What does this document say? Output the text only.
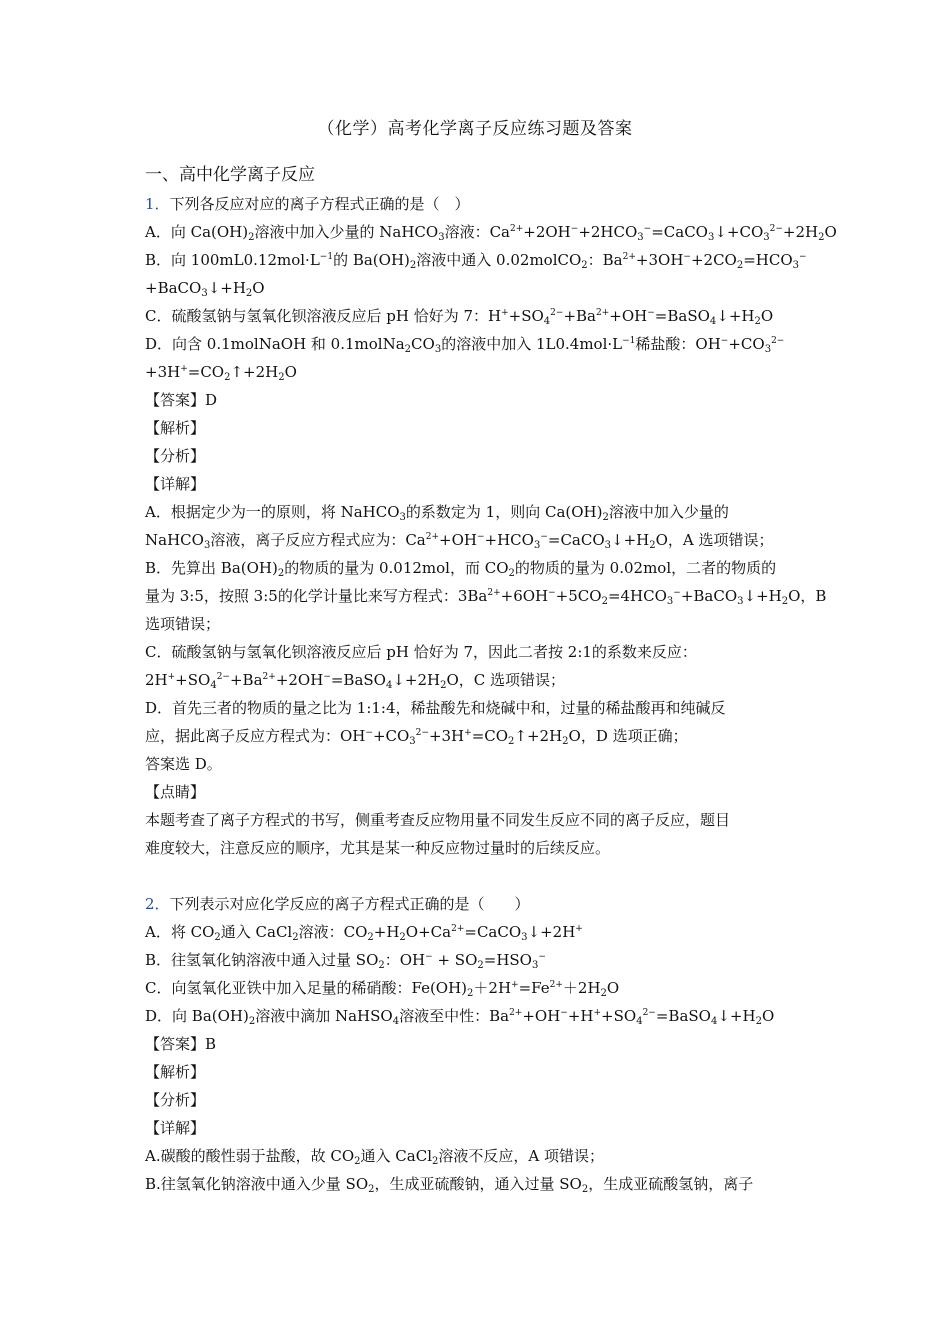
（化学）高考化学离子反应练习题及答案
一、高中化学离子反应
1．下列各反应对应的离子方程式正确的是（　）
A．向 $Ca(OH)_2$溶液中加入少量的 NaHCO$_3$溶液：$Ca^{2+}+2OH^-+2HCO_3^-=CaCO_3↓+CO_3^{2-}+2H_2O$
B．向 $100mL0.12mol\cdot L^{-1}$的 $Ba(OH)_2$溶液中通入 0.02molCO$_2$：$Ba^{2+}+3OH^-+2CO_2=HCO_3^-$
$+BaCO_3↓+H_2O$
C．硫酸氢钠与氢氧化钡溶液反应后 pH 恰好为 7：$H^++SO_4^{2-}+Ba^{2+}+OH^-=BaSO_4↓+H_2O$
D．向含 0.1molNaOH 和 $0.1molNa_2CO_3$的溶液中加入 $1L0.4mol\cdot L^{-1}$稀盐酸：$OH^-+CO_3^{2-}$
$+3H^+=CO_2↑+2H_2O$
【答案】D
【解析】
【分析】
【详解】
A．根据定少为一的原则，将 NaHCO$_3$的系数定为 1，则向 $Ca(OH)_2$溶液中加入少量的
NaHCO$_3$溶液，离子反应方程式应为：$Ca^{2+}+OH^-+HCO_3^-=CaCO_3↓+H_2O$，A 选项错误；
B．先算出 $Ba(OH)_2$的物质的量为 0.012mol，而 $CO_2$的物质的量为 0.02mol，二者的物质的
量为 3:5，按照 3:5的化学计量比来写方程式：$3Ba^{2+}+6OH^-+5CO_2=4HCO_3^-+BaCO_3↓+H_2O$，B
选项错误；
C．硫酸氢钠与氢氧化钡溶液反应后 pH 恰好为 7，因此二者按 2:1的系数来反应：
$2H^++SO_4^{2-}+Ba^{2+}+2OH^-=BaSO_4↓+2H_2O$，C 选项错误；
D．首先三者的物质的量之比为 1:1:4，稀盐酸先和烧碱中和，过量的稀盐酸再和纯碱反
应，据此离子反应方程式为：$OH^-+CO_3^{2-}+3H^+=CO_2↑+2H_2O$，D 选项正确；
答案选 D。
【点睛】
本题考查了离子方程式的书写，侧重考查反应物用量不同发生反应不同的离子反应，题目
难度较大，注意反应的顺序，尤其是某一种反应物过量时的后续反应。
2．下列表示对应化学反应的离子方程式正确的是（　　）
A．将 $CO_2$通入 CaCl$_2$溶液：$CO_2+H_2O+Ca^{2+}=CaCO_3↓+2H^+$
B．往氢氧化钠溶液中通入过量 $SO_2$：$OH^- + SO_2=HSO_3^-$
C．向氢氧化亚铁中加入足量的稀硝酸：$Fe(OH)_2+2H^+=Fe^{2+}+2H_2O$
D．向 $Ba(OH)_2$溶液中滴加 NaHSO$_4$溶液至中性：$Ba^{2+}+OH^-+H^++SO_4^{2-}=BaSO_4↓+H_2O$
【答案】B
【解析】
【分析】
【详解】
A.碳酸的酸性弱于盐酸，故 $CO_2$通入 CaCl$_2$溶液不反应，A 项错误；
B.往氢氧化钠溶液中通入少量 $SO_2$，生成亚硫酸钠，通入过量 $SO_2$，生成亚硫酸氢钠，离子
